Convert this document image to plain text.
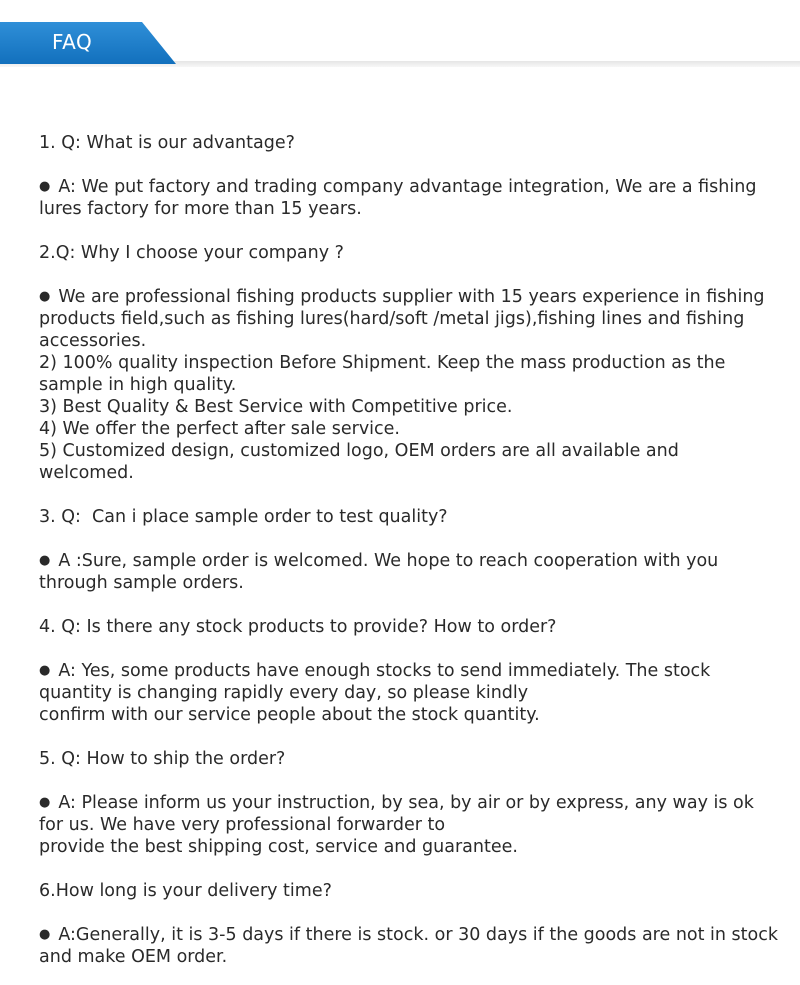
FAQ

1. Q: What is our advantage?

● A: We put factory and trading company advantage integration, We are a fishing

lures factory for more than 15 years.

2.Q: Why I choose your company ?

● We are professional fishing products supplier with 15 years experience in fishing

products field,such as fishing lures(hard/soft /metal jigs),fishing lines and fishing

accessories.

2) 100% quality inspection Before Shipment. Keep the mass production as the

sample in high quality.

3) Best Quality & Best Service with Competitive price.

4) We offer the perfect after sale service.

5) Customized design, customized logo, OEM orders are all available and

welcomed.

3. Q:  Can i place sample order to test quality?

● A :Sure, sample order is welcomed. We hope to reach cooperation with you

through sample orders.

4. Q: Is there any stock products to provide? How to order?

● A: Yes, some products have enough stocks to send immediately. The stock

quantity is changing rapidly every day, so please kindly

confirm with our service people about the stock quantity.

5. Q: How to ship the order?

● A: Please inform us your instruction, by sea, by air or by express, any way is ok

for us. We have very professional forwarder to

provide the best shipping cost, service and guarantee.

6.How long is your delivery time?

● A:Generally, it is 3-5 days if there is stock. or 30 days if the goods are not in stock

and make OEM order.
